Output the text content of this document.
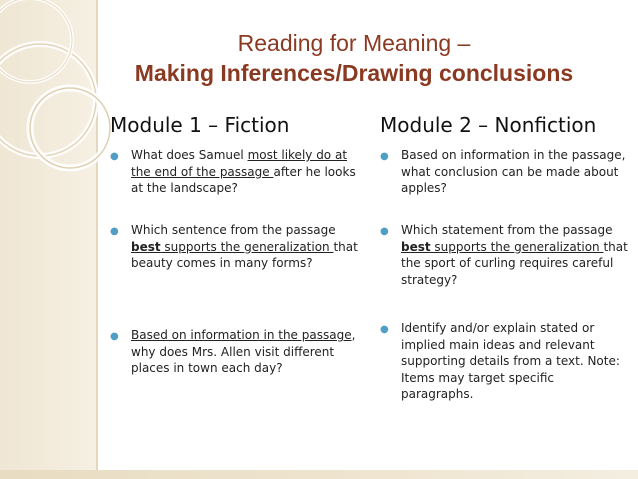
Reading for Meaning –
Making Inferences/Drawing conclusions
Module 1 – Fiction
●	What does Samuel most likely do at the end of the passage after he looks at the landscape?
●	Which sentence from the passage best supports the generalization that beauty comes in many forms?
●	Based on information in the passage, why does Mrs. Allen visit different places in town each day?
Module 2 – Nonfiction
●	Based on information in the passage, what conclusion can be made about apples?
●	Which statement from the passage best supports the generalization that the sport of curling requires careful strategy?
●	Identify and/or explain stated or implied main ideas and relevant supporting details from a text. Note: Items may target specific paragraphs.
